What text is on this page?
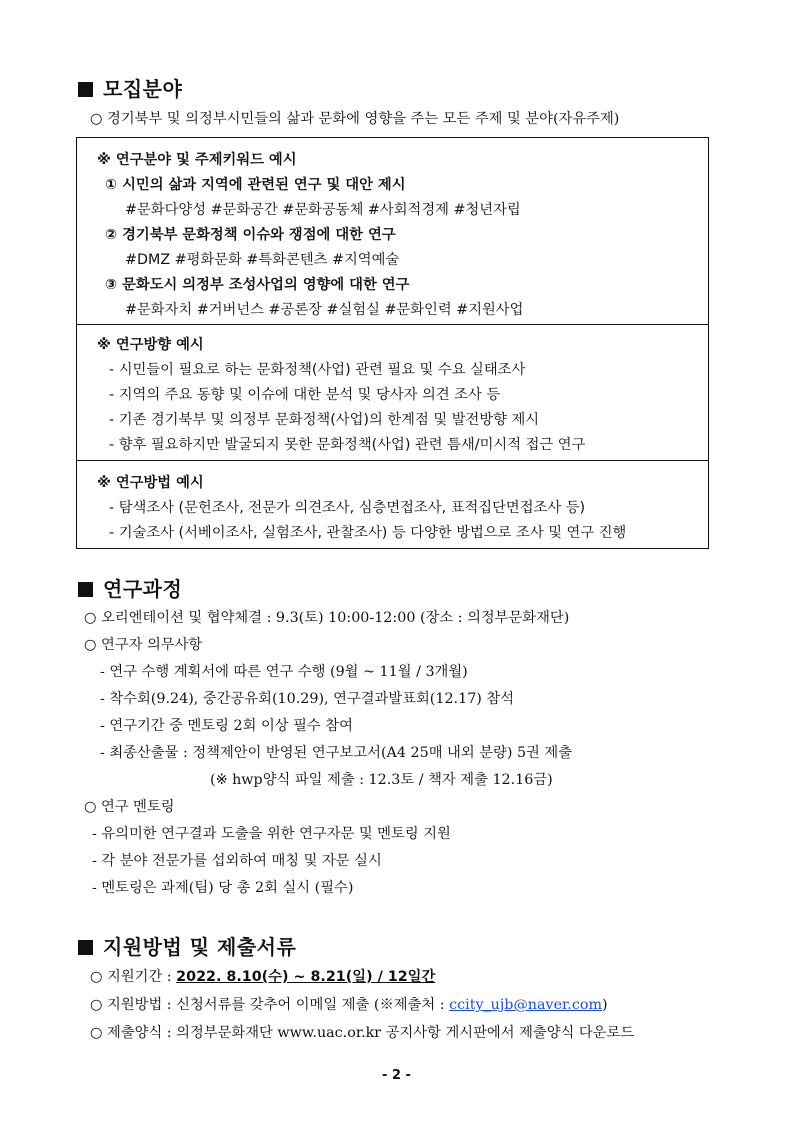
모집분야
○ 경기북부 및 의정부시민들의 삶과 문화에 영향을 주는 모든 주제 및 분야(자유주제)
※ 연구분야 및 주제키워드 예시
① 시민의 삶과 지역에 관련된 연구 및 대안 제시
#문화다양성 #문화공간 #문화공동체 #사회적경제 #청년자립
② 경기북부 문화정책 이슈와 쟁점에 대한 연구
#DMZ #평화문화 #특화콘텐츠 #지역예술
③ 문화도시 의정부 조성사업의 영향에 대한 연구
#문화자치 #거버넌스 #공론장 #실험실 #문화인력 #지원사업
※ 연구방향 예시
- 시민들이 필요로 하는 문화정책(사업) 관련 필요 및 수요 실태조사
- 지역의 주요 동향 및 이슈에 대한 분석 및 당사자 의견 조사 등
- 기존 경기북부 및 의정부 문화정책(사업)의 한계점 및 발전방향 제시
- 향후 필요하지만 발굴되지 못한 문화정책(사업) 관련 틈새/미시적 접근 연구
※ 연구방법 예시
- 탐색조사 (문헌조사, 전문가 의견조사, 심층면접조사, 표적집단면접조사 등)
- 기술조사 (서베이조사, 실험조사, 관찰조사) 등 다양한 방법으로 조사 및 연구 진행
연구과정
○ 오리엔테이션 및 협약체결 : 9.3(토) 10:00-12:00 (장소 : 의정부문화재단)
○ 연구자 의무사항
- 연구 수행 계획서에 따른 연구 수행 (9월 ~ 11월 / 3개월)
- 착수회(9.24), 중간공유회(10.29), 연구결과발표회(12.17) 참석
- 연구기간 중 멘토링 2회 이상 필수 참여
- 최종산출물 : 정책제안이 반영된 연구보고서(A4 25매 내외 분량) 5권 제출
(※ hwp양식 파일 제출 : 12.3토 / 책자 제출 12.16금)
○ 연구 멘토링
- 유의미한 연구결과 도출을 위한 연구자문 및 멘토링 지원
- 각 분야 전문가를 섭외하여 매칭 및 자문 실시
- 멘토링은 과제(팀) 당 총 2회 실시 (필수)
지원방법 및 제출서류
○ 지원기간 : 2022. 8.10(수) ~ 8.21(일) / 12일간
○ 지원방법 : 신청서류를 갖추어 이메일 제출 (※제출처 : ccity_ujb@naver.com)
○ 제출양식 : 의정부문화재단 www.uac.or.kr 공지사항 게시판에서 제출양식 다운로드
- 2 -
